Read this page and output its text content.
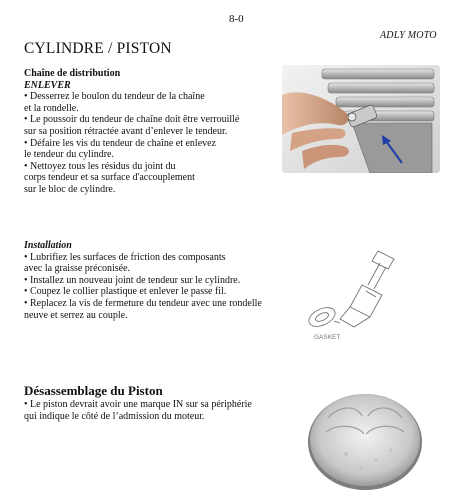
8-0
ADLY MOTO
CYLINDRE / PISTON
Chaîne de distribution
ENLEVER
• Desserrez le boulon du tendeur de la chaîne
et la rondelle.
• Le poussoir du tendeur de chaîne doit être verrouillé
sur sa position rétractée avant d’enlever le tendeur.
• Défaire les vis du tendeur de chaîne et enlevez
le tendeur du cylindre.
• Nettoyez tous les résidus du joint du
corps tendeur et sa surface d'accouplement
sur le bloc de cylindre.
Installation
• Lubrifiez les surfaces de friction des composants
avec la graisse préconisée.
• Installez un nouveau joint de tendeur sur le cylindre.
• Coupez le collier plastique et enlever le passe fil.
• Replacez la vis de fermeture du tendeur avec une rondelle
neuve et serrez au couple.
GASKET
Désassemblage du Piston
• Le piston devrait avoir une marque IN sur sa périphérie
qui indique le côté de l’admission du moteur.
